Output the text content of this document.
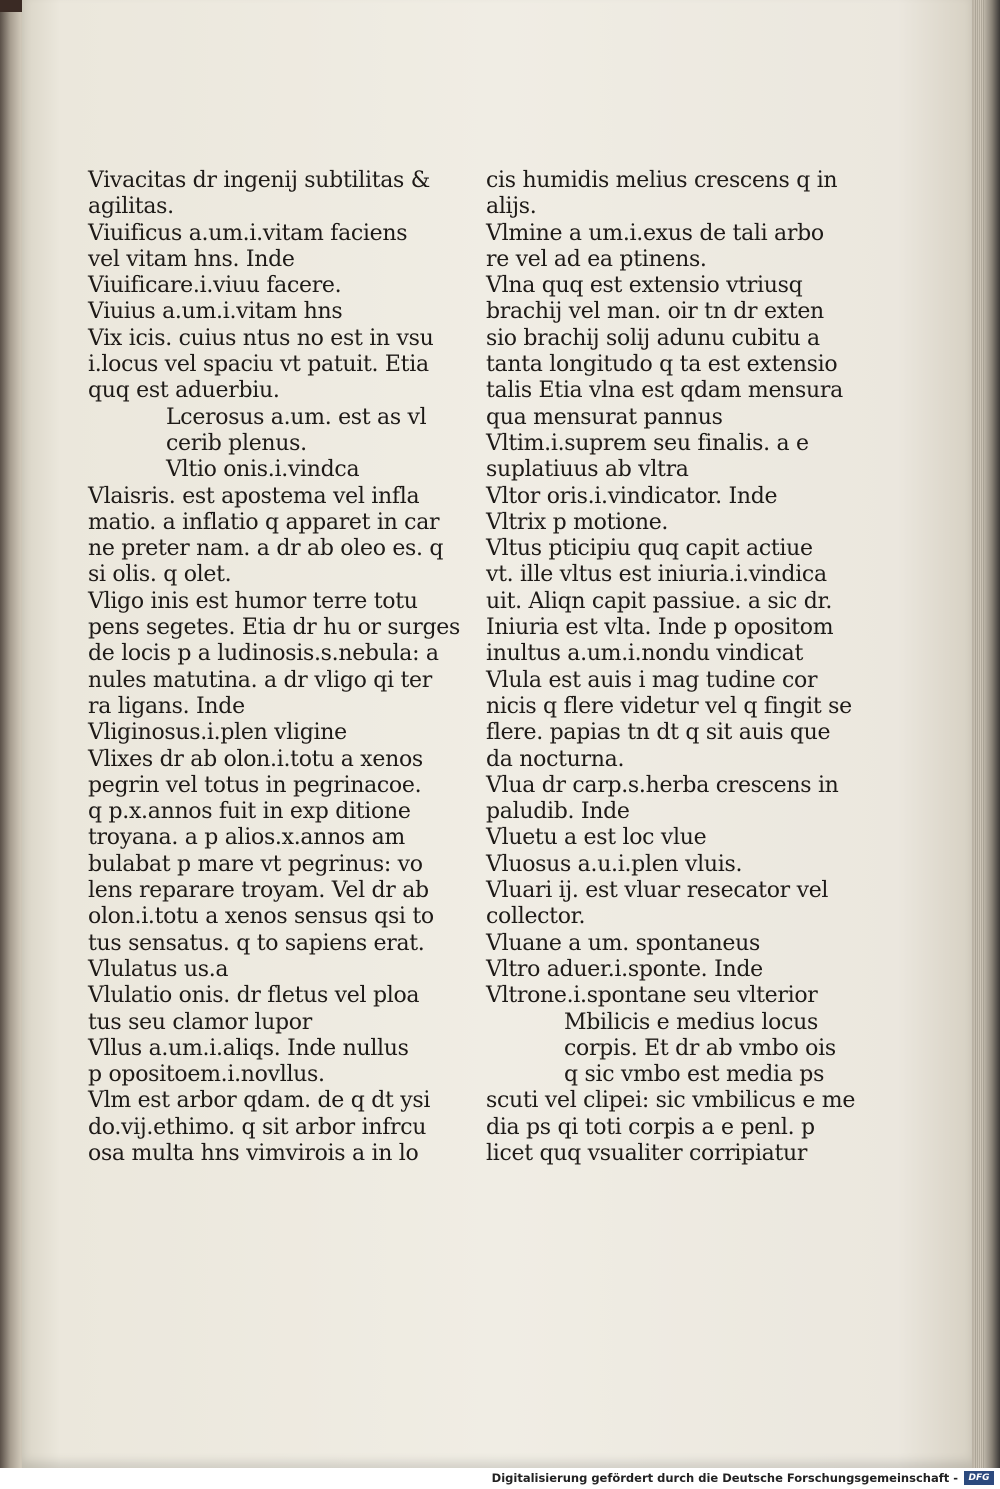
Vivacitas dr ingenij subtilitas &
agilitas.
Viuificus a.um.i.vitam faciens
vel vitam hns. Inde
Viuificare.i.viuu facere.
Viuius a.um.i.vitam hns
Vix icis. cuius ntus no est in vsu
i.locus vel spaciu vt patuit. Etia
quq est aduerbiu.
Lcerosus a.um. est as vl
cerib plenus.
Vltio onis.i.vindca
Vlaisris. est apostema vel infla
matio. a inflatio q apparet in car
ne preter nam. a dr ab oleo es. q
si olis. q olet.
Vligo inis est humor terre totu
pens segetes. Etia dr hu or surges
de locis p a ludinosis.s.nebula: a
nules matutina. a dr vligo qi ter
ra ligans. Inde
Vliginosus.i.plen vligine
Vlixes dr ab olon.i.totu a xenos
pegrin vel totus in pegrinacoe.
q p.x.annos fuit in exp ditione
troyana. a p alios.x.annos am
bulabat p mare vt pegrinus: vo
lens reparare troyam. Vel dr ab
olon.i.totu a xenos sensus qsi to
tus sensatus. q to sapiens erat.
Vlulatus us.a
Vlulatio onis. dr fletus vel ploa
tus seu clamor lupor
Vllus a.um.i.aliqs. Inde nullus
p opositoem.i.novllus.
Vlm est arbor qdam. de q dt ysi
do.vij.ethimo. q sit arbor infrcu
osa multa hns vimvirois a in lo
cis humidis melius crescens q in
alijs.
Vlmine a um.i.exus de tali arbo
re vel ad ea ptinens.
Vlna quq est extensio vtriusq
brachij vel man. oir tn dr exten
sio brachij solij adunu cubitu a
tanta longitudo q ta est extensio
talis Etia vlna est qdam mensura
qua mensurat pannus
Vltim.i.suprem seu finalis. a e
suplatiuus ab vltra
Vltor oris.i.vindicator. Inde
Vltrix p motione.
Vltus pticipiu quq capit actiue
vt. ille vltus est iniuria.i.vindica
uit. Aliqn capit passiue. a sic dr.
Iniuria est vlta. Inde p opositom
inultus a.um.i.nondu vindicat
Vlula est auis i mag tudine cor
nicis q flere videtur vel q fingit se
flere. papias tn dt q sit auis que
da nocturna.
Vlua dr carp.s.herba crescens in
paludib. Inde
Vluetu a est loc vlue
Vluosus a.u.i.plen vluis.
Vluari ij. est vluar resecator vel
collector.
Vluane a um. spontaneus
Vltro aduer.i.sponte. Inde
Vltrone.i.spontane seu vlterior
Mbilicis e medius locus
corpis. Et dr ab vmbo ois
q sic vmbo est media ps
scuti vel clipei: sic vmbilicus e me
dia ps qi toti corpis a e penl. p
licet quq vsualiter corripiatur
Digitalisierung gefördert durch die Deutsche Forschungsgemeinschaft -	DFG
